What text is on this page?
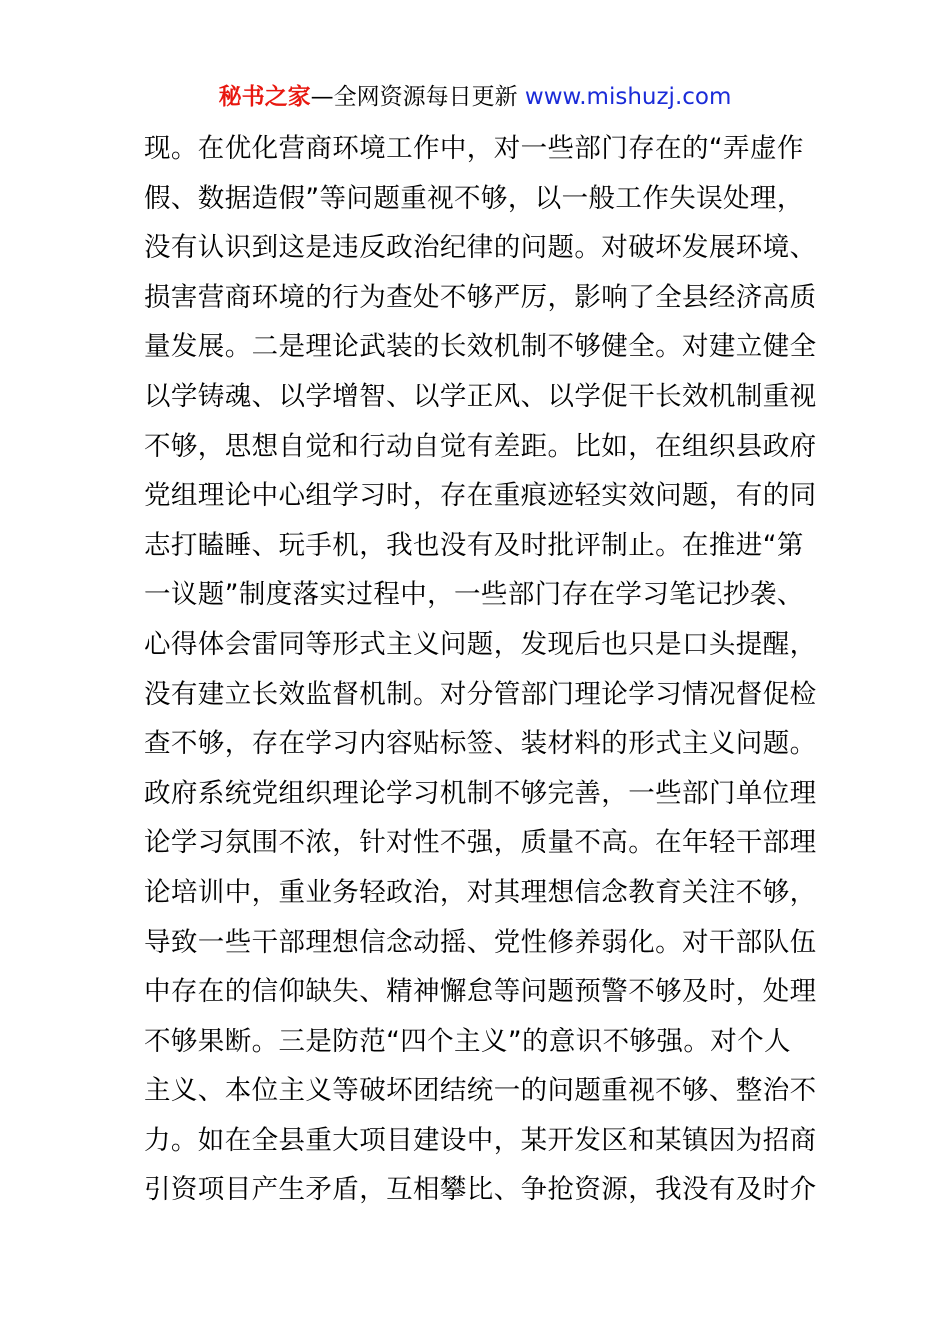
秘书之家—全网资源每日更新 www.mishuzj.com
现。在优化营商环境工作中，对一些部门存在的“弄虚作
假、数据造假”等问题重视不够，以一般工作失误处理，
没有认识到这是违反政治纪律的问题。对破坏发展环境、
损害营商环境的行为查处不够严厉，影响了全县经济高质
量发展。二是理论武装的长效机制不够健全。对建立健全
以学铸魂、以学增智、以学正风、以学促干长效机制重视
不够，思想自觉和行动自觉有差距。比如，在组织县政府
党组理论中心组学习时，存在重痕迹轻实效问题，有的同
志打瞌睡、玩手机，我也没有及时批评制止。在推进“第
一议题”制度落实过程中，一些部门存在学习笔记抄袭、
心得体会雷同等形式主义问题，发现后也只是口头提醒，
没有建立长效监督机制。对分管部门理论学习情况督促检
查不够，存在学习内容贴标签、装材料的形式主义问题。
政府系统党组织理论学习机制不够完善，一些部门单位理
论学习氛围不浓，针对性不强，质量不高。在年轻干部理
论培训中，重业务轻政治，对其理想信念教育关注不够，
导致一些干部理想信念动摇、党性修养弱化。对干部队伍
中存在的信仰缺失、精神懈怠等问题预警不够及时，处理
不够果断。三是防范“四个主义”的意识不够强。对个人
主义、本位主义等破坏团结统一的问题重视不够、整治不
力。如在全县重大项目建设中，某开发区和某镇因为招商
引资项目产生矛盾，互相攀比、争抢资源，我没有及时介
